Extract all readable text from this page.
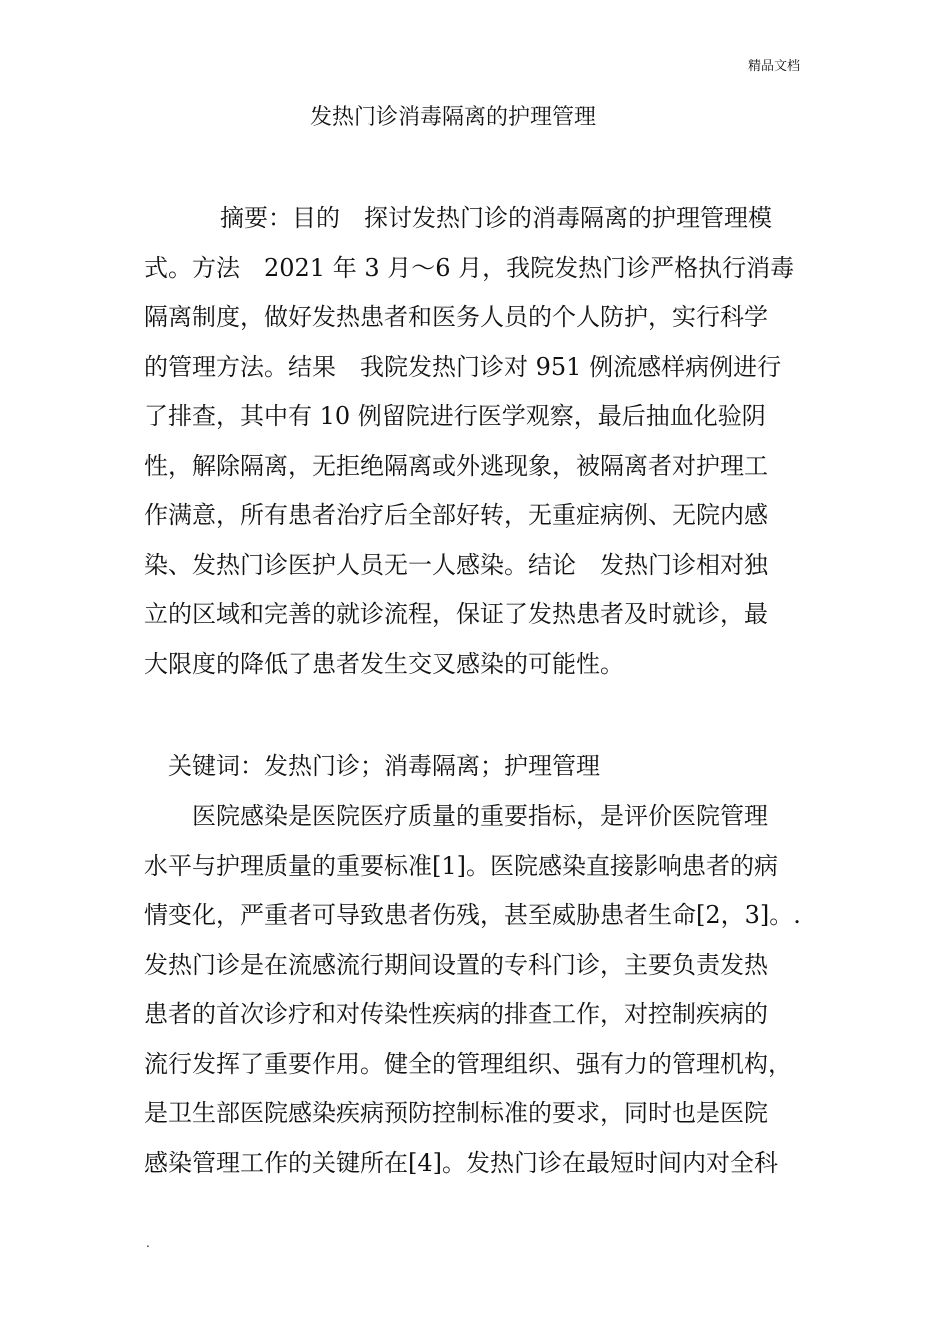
精品文档
发热门诊消毒隔离的护理管理
摘要：目的　探讨发热门诊的消毒隔离的护理管理模
式。方法　2021 年 3 月～6 月，我院发热门诊严格执行消毒
隔离制度，做好发热患者和医务人员的个人防护，实行科学
的管理方法。结果　我院发热门诊对 951 例流感样病例进行
了排查，其中有 10 例留院进行医学观察，最后抽血化验阴
性，解除隔离，无拒绝隔离或外逃现象，被隔离者对护理工
作满意，所有患者治疗后全部好转，无重症病例、无院内感
染、发热门诊医护人员无一人感染。结论　发热门诊相对独
立的区域和完善的就诊流程，保证了发热患者及时就诊，最
大限度的降低了患者发生交叉感染的可能性。
关键词：发热门诊；消毒隔离；护理管理
医院感染是医院医疗质量的重要指标，是评价医院管理
水平与护理质量的重要标准[1]。医院感染直接影响患者的病
情变化，严重者可导致患者伤残，甚至威胁患者生命[2，3]。.
发热门诊是在流感流行期间设置的专科门诊，主要负责发热
患者的首次诊疗和对传染性疾病的排查工作，对控制疾病的
流行发挥了重要作用。健全的管理组织、强有力的管理机构，
是卫生部医院感染疾病预防控制标准的要求，同时也是医院
感染管理工作的关键所在[4]。发热门诊在最短时间内对全科
.
